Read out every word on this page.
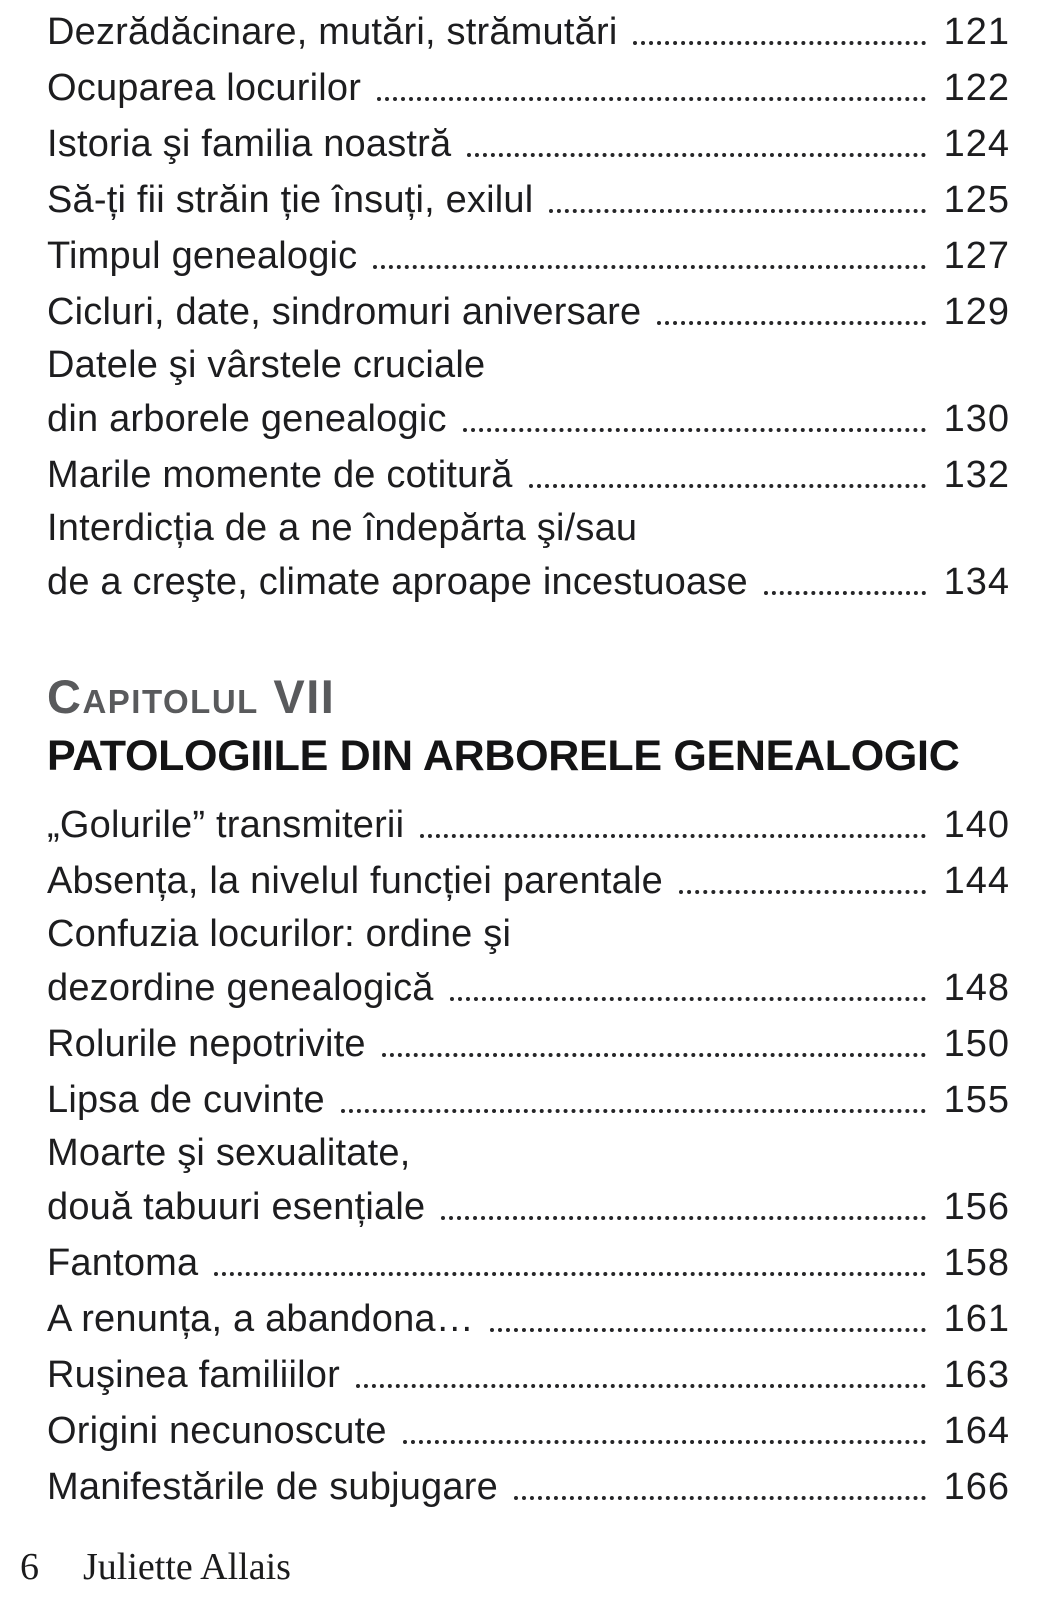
Dezrădăcinare, mutări, strămutări	121
Ocuparea locurilor	122
Istoria şi familia noastră	124
Să-ți fii străin ție însuți, exilul	125
Timpul genealogic	127
Cicluri, date, sindromuri aniversare	129
Datele şi vârstele cruciale
din arborele genealogic	130
Marile momente de cotitură	132
Interdicția de a ne îndepărta şi/sau
de a creşte, climate aproape incestuoase	134
Capitolul VII
PATOLOGIILE DIN ARBORELE GENEALOGIC
„Golurile” transmiterii	140
Absența, la nivelul funcției parentale	144
Confuzia locurilor: ordine şi
dezordine genealogică	148
Rolurile nepotrivite	150
Lipsa de cuvinte	155
Moarte şi sexualitate,
două tabuuri esențiale	156
Fantoma	158
A renunța, a abandona…	161
Ruşinea familiilor	163
Origini necunoscute	164
Manifestările de subjugare	166
6 Juliette Allais
